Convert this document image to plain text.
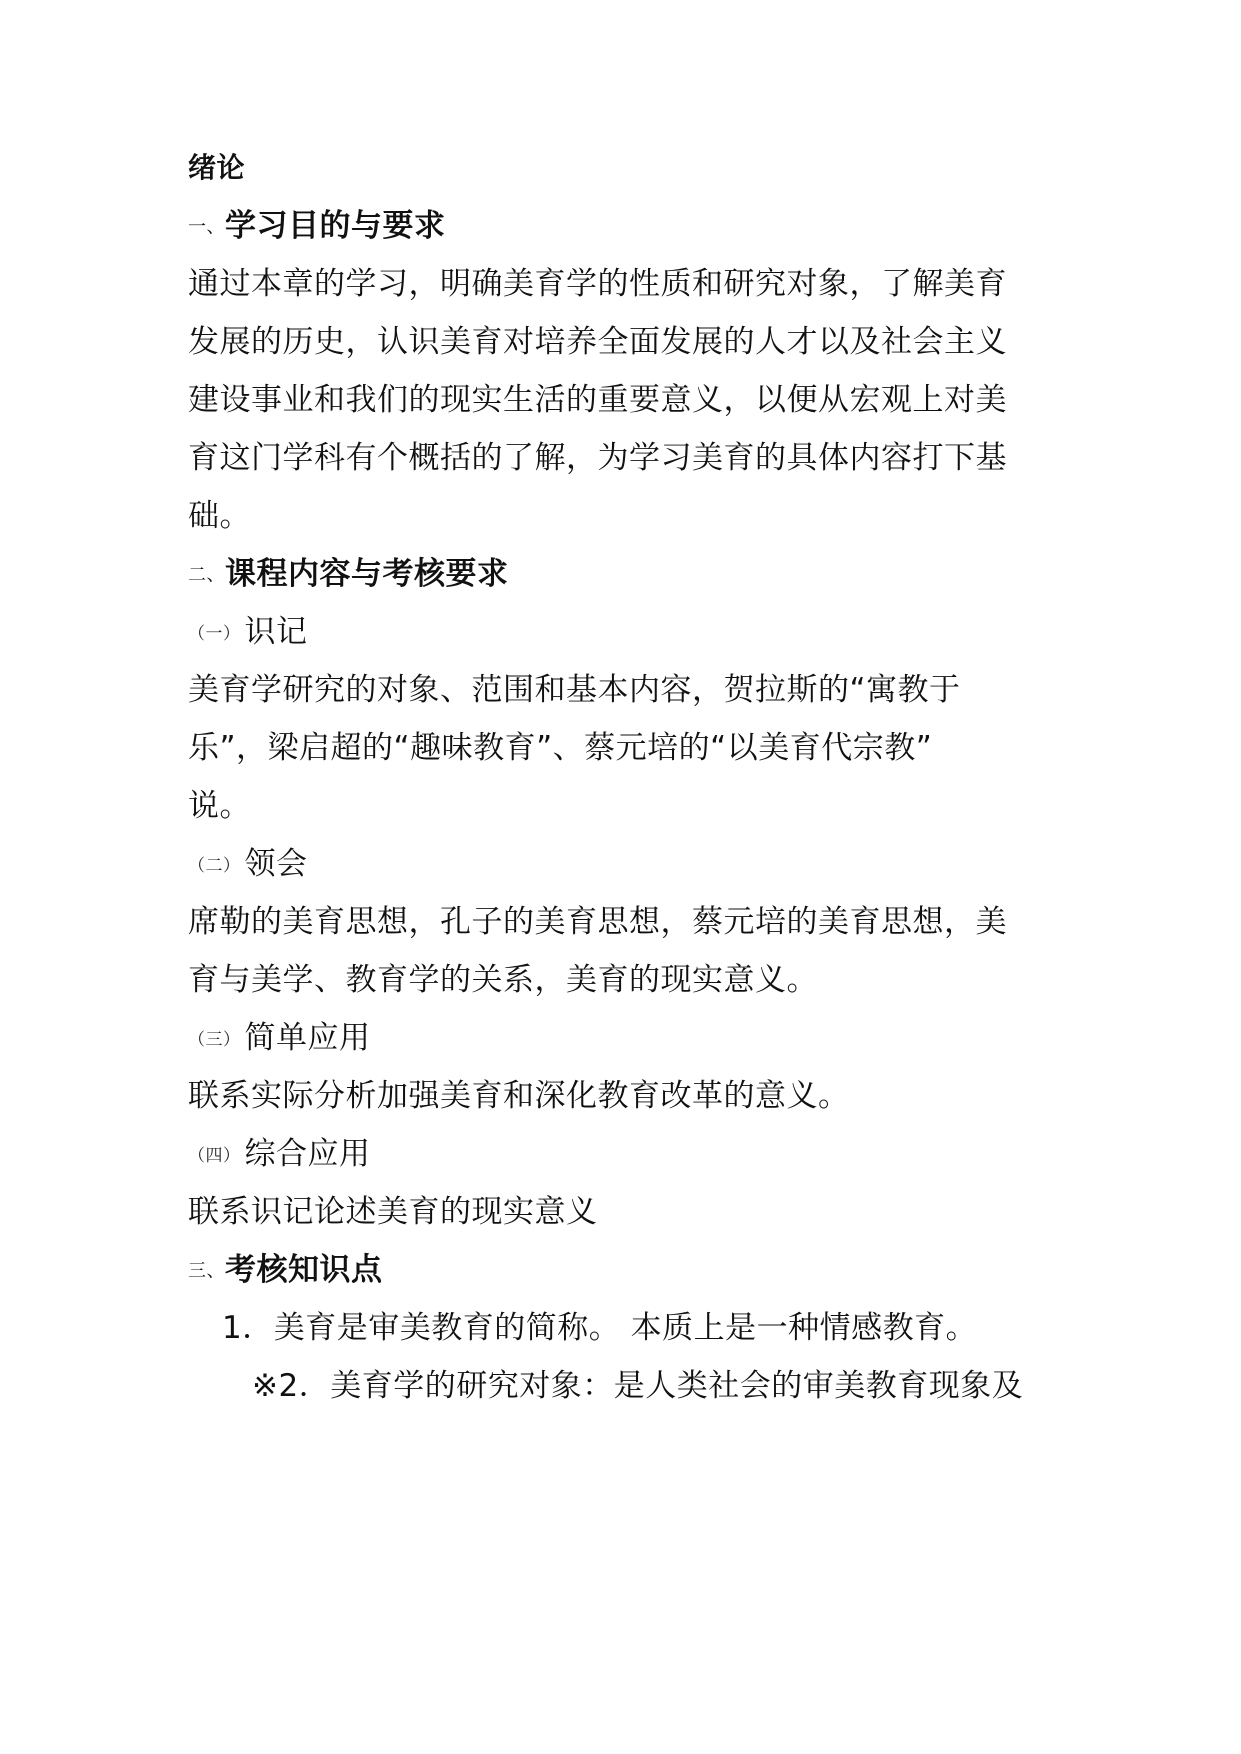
绪论
一、学习目的与要求
通过本章的学习，明确美育学的性质和研究对象，了解美育
发展的历史，认识美育对培养全面发展的人才以及社会主义
建设事业和我们的现实生活的重要意义，以便从宏观上对美
育这门学科有个概括的了解，为学习美育的具体内容打下基
础。
二、课程内容与考核要求
（一） 识记
美育学研究的对象、范围和基本内容，贺拉斯的“寓教于
乐”，梁启超的“趣味教育”、蔡元培的“以美育代宗教”
说。
（二） 领会
席勒的美育思想，孔子的美育思想，蔡元培的美育思想，美
育与美学、教育学的关系，美育的现实意义。
（三） 简单应用
联系实际分析加强美育和深化教育改革的意义。
（四） 综合应用
联系识记论述美育的现实意义
三、考核知识点
1．美育是审美教育的简称。 本质上是一种情感教育。
※2．美育学的研究对象：是人类社会的审美教育现象及
